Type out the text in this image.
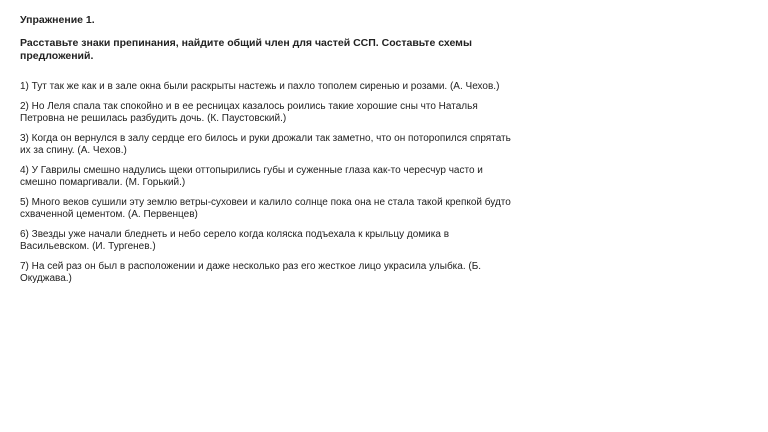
Упражнение 1.
Расставьте знаки препинания, найдите общий член для частей ССП. Составьте схемы предложений.
1) Тут так же как и в зале окна были раскрыты настежь и пахло тополем сиренью и розами. (А. Чехов.)
2) Но Леля спала так спокойно и в ее ресницах казалось роились такие хорошие сны что Наталья Петровна не решилась разбудить дочь. (К. Паустовский.)
3) Когда он вернулся в залу сердце его билось и руки дрожали так заметно, что он поторопился спрятать их за спину. (А. Чехов.)
4) У Гаврилы смешно надулись щеки оттопырились губы и суженные глаза как-то чересчур часто и смешно помаргивали. (М. Горький.)
5) Много веков сушили эту землю ветры-суховеи и калило солнце пока она не стала такой крепкой будто схваченной цементом. (А. Первенцев)
6) Звезды уже начали бледнеть и небо серело когда коляска подъехала к крыльцу домика в Васильевском. (И. Тургенев.)
7) На сей раз он был в расположении и даже несколько раз его жесткое лицо украсила улыбка. (Б. Окуджава.)
